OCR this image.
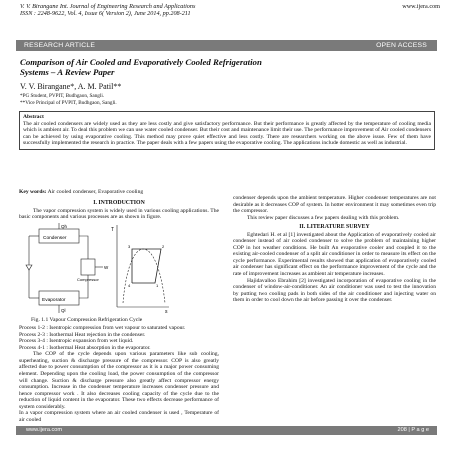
V. V. Birangane Int. Journal of Engineering Research and Applications
ISSN : 2248-9622, Vol. 4, Issue 6( Version 2), June 2014, pp.208-211
www.ijera.com
RESEARCH ARTICLE	OPEN ACCESS
Comparison of Air Cooled and Evaporatively Cooled Refrigeration
Systems – A Review Paper
V. V. Birangane*, A. M. Patil**
*PG Student, PVPIT, Budhgaon, Sangli.
**Vice Principal of PVPIT, Budhgaon, Sangli.
Abstract
The air cooled condensers are widely used as they are less costly and give satisfactory performance. But their performance is greatly affected by the temperature of cooling media which is ambient air. To deal this problem we can use water cooled condenser. But their cost and maintenance limit their use. The performance improvement of Air cooled condensers can be achieved by using evaporative cooling. This method may prove quiet effective and less costly. There are researchers working on the above issue. Few of them have successfully implemented the research in practice. The paper deals with a few papers using the evaporative cooling. The applications include domestic as well as industrial.
Key words: Air cooled condenser, Evaporative cooling
I. INTRODUCTION

The vapor compression system is widely used in various cooling applications. The basic components and various processes are as shown in figure.

Condenser
Evaporator
Compressor
Qh
Ql
W
T
s
4	1
2
3
Fig. 1.1 Vapour Compression Refrigeration Cycle

Process 1-2 : Isentropic compression from wet vapour to saturated vapour.

Process 2-3 : Isothermal Heat rejection in the condenser.

Process 3-4 : Isentropic expansion from wet liquid.

Process 4-1 : Isothermal Heat absorption in the evaporator.

The COP of the cycle depends upon various parameters like sub cooling, superheating, suction & discharge pressure of the compressor. COP is also greatly affected due to power consumption of the compressor as it is a major power consuming element. Depending upon the cooling load, the power consumption of the compressor will change. Suction & discharge pressure also greatly affect compressor energy consumption. Increase in the condenser temperature increases condenser pressure and hence compressor work . It also decreases cooling capacity of the cycle due to the reduction of liquid content in the evaporator. These two effects decrease performance of system considerably.

In a vapor compression system where an air cooled condenser is used , Temperature of air cooled

condenser depends upon the ambient temperature. Higher condenser temperatures are not desirable as it decreases COP of system. In hotter environment it may sometimes even trip the compressor.

This review paper discusses a few papers dealing with this problem.

II. LITERATURE SURVEY

Eghtedari H. et al [1] investigated about the Application of evaporatively cooled air condenser instead of air cooled condenser to solve the problem of maintaining higher COP in hot weather conditions. He built An evaporative cooler and coupled it to the existing air-cooled condenser of a split air conditioner in order to measure its effect on the cycle performance. Experimental results showed that application of evaporatively cooled air condenser has significant effect on the performance improvement of the cycle and the rate of improvement increases as ambient air temperature increases.

Hajidavalloo Ebrahim [2] investigated incorporation of evaporative cooling in the condenser of window-air-conditioner. An air conditioner was used to test the innovation by putting two cooling pads in both sides of the air conditioner and injecting water on them in order to cool down the air before passing it over the condenser.

www.ijera.com	208 | P a g e
